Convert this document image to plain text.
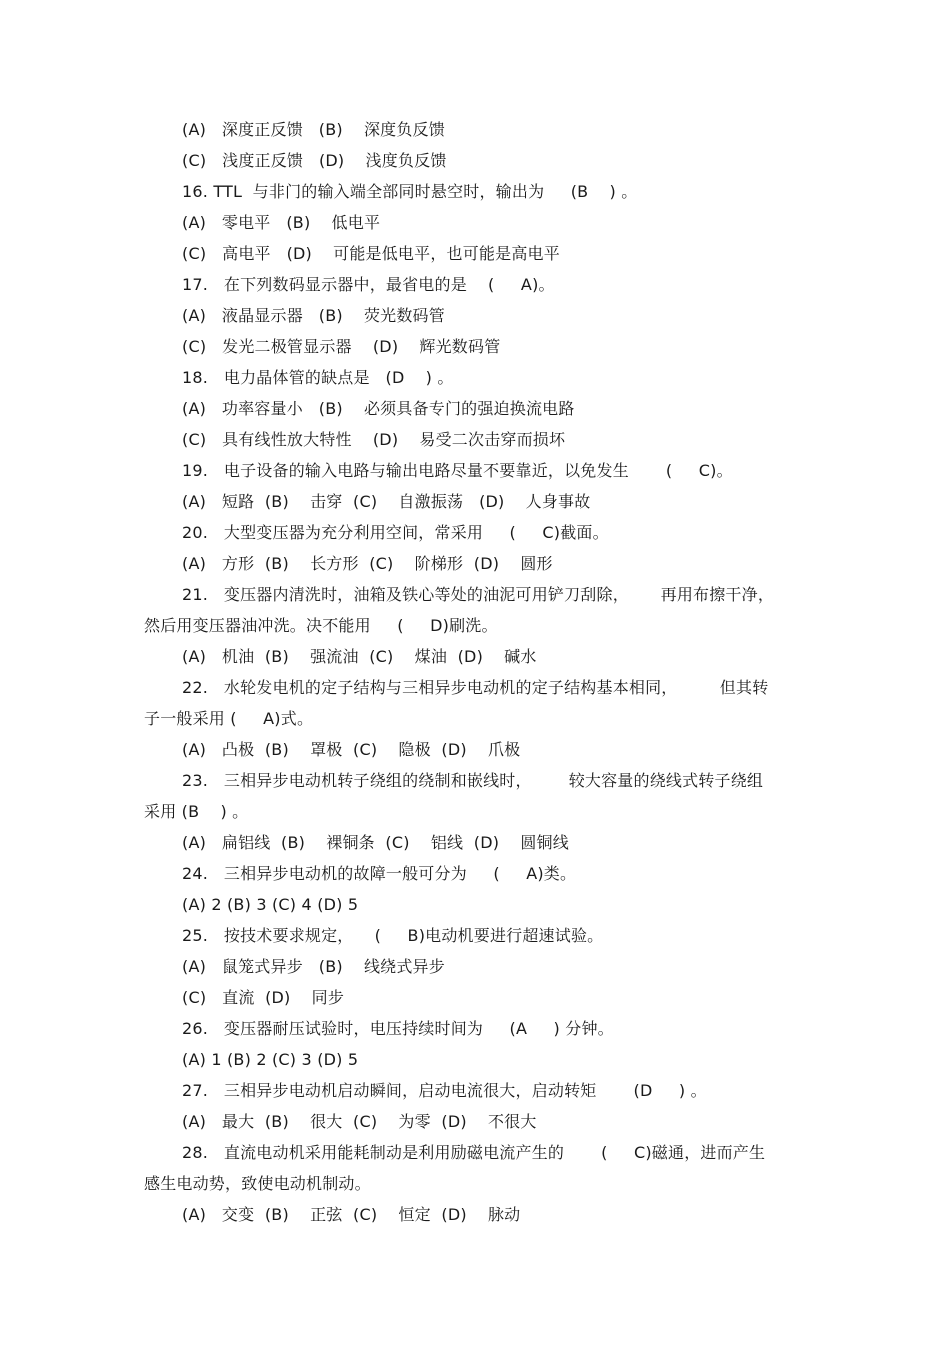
(A)   深度正反馈   (B)    深度负反馈
(C)   浅度正反馈   (D)    浅度负反馈
16. TTL  与非门的输入端全部同时悬空时，输出为     (B    ) 。
(A)   零电平   (B)    低电平
(C)   高电平   (D)    可能是低电平，也可能是高电平
17.   在下列数码显示器中，最省电的是    (     A)。
(A)   液晶显示器   (B)    荧光数码管
(C)   发光二极管显示器    (D)    辉光数码管
18.   电力晶体管的缺点是   (D    ) 。
(A)   功率容量小   (B)    必须具备专门的强迫换流电路
(C)   具有线性放大特性    (D)    易受二次击穿而损坏
19.   电子设备的输入电路与输出电路尽量不要靠近，以免发生       (     C)。
(A)   短路  (B)    击穿  (C)    自激振荡   (D)    人身事故
20.   大型变压器为充分利用空间，常采用     (     C)截面。
(A)   方形  (B)    长方形  (C)    阶梯形  (D)    圆形
21.   变压器内清洗时，油箱及铁心等处的油泥可用铲刀刮除，      再用布擦干净，
然后用变压器油冲洗。决不能用     (     D)刷洗。
(A)   机油  (B)    强流油  (C)    煤油  (D)    碱水
22.   水轮发电机的定子结构与三相异步电动机的定子结构基本相同，        但其转
子一般采用 (     A)式。
(A)   凸极  (B)    罩极  (C)    隐极  (D)    爪极
23.   三相异步电动机转子绕组的绕制和嵌线时，       较大容量的绕线式转子绕组
采用 (B    ) 。
(A)   扁铝线  (B)    裸铜条  (C)    铝线  (D)    圆铜线
24.   三相异步电动机的故障一般可分为     (     A)类。
(A) 2 (B) 3 (C) 4 (D) 5
25.   按技术要求规定，    (     B)电动机要进行超速试验。
(A)   鼠笼式异步   (B)    线绕式异步
(C)   直流  (D)    同步
26.   变压器耐压试验时，电压持续时间为     (A     ) 分钟。
(A) 1 (B) 2 (C) 3 (D) 5
27.   三相异步电动机启动瞬间，启动电流很大，启动转矩       (D     ) 。
(A)   最大  (B)    很大  (C)    为零  (D)    不很大
28.   直流电动机采用能耗制动是利用励磁电流产生的       (     C)磁通，进而产生
感生电动势，致使电动机制动。
(A)   交变  (B)    正弦  (C)    恒定  (D)    脉动
